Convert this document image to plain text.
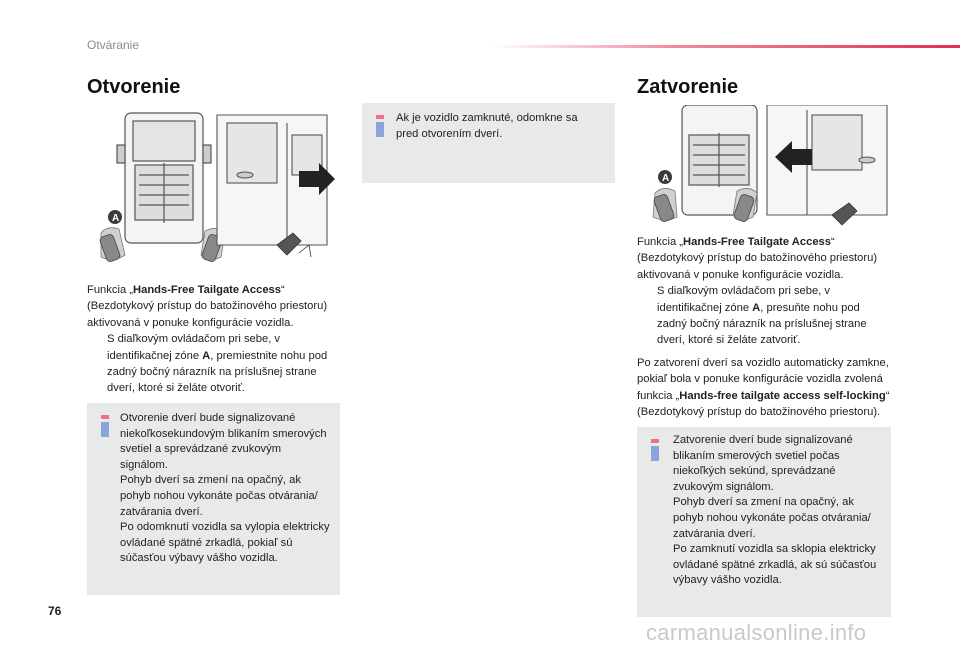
Otváranie
Otvorenie
A

Funkcia „Hands-Free Tailgate Access“ (Bezdotykový prístup do batožinového priestoru) aktivovaná v ponuke konfigurácie vozidla.

S diaľkovým ovládačom pri sebe, v identifikačnej zóne A, premiestnite nohu pod zadný bočný nárazník na príslušnej strane dverí, ktoré si želáte otvoriť.
Otvorenie dverí bude signalizované niekoľkosekundovým blikaním smerových svetiel a sprevádzané zvukovým signálom.
Pohyb dverí sa zmení na opačný, ak pohyb nohou vykonáte počas otvárania/ zatvárania dverí.
Po odomknutí vozidla sa vylopia elektricky ovládané spätné zrkadlá, pokiaľ sú súčasťou výbavy vášho vozidla.
Ak je vozidlo zamknuté, odomkne sa pred otvorením dverí.
Zatvorenie
A

Funkcia „Hands-Free Tailgate Access“ (Bezdotykový prístup do batožinového priestoru) aktivovaná v ponuke konfigurácie vozidla.

S diaľkovým ovládačom pri sebe, v identifikačnej zóne A, presuňte nohu pod zadný bočný nárazník na príslušnej strane dverí, ktoré si želáte zatvoriť.

Po zatvorení dverí sa vozidlo automaticky zamkne, pokiaľ bola v ponuke konfigurácie vozidla zvolená funkcia „Hands-free tailgate access self-locking“ (Bezdotykový prístup do batožinového priestoru).

Zatvorenie dverí bude signalizované blikaním smerových svetiel počas niekoľkých sekúnd, sprevádzané zvukovým signálom.
Pohyb dverí sa zmení na opačný, ak pohyb nohou vykonáte počas otvárania/ zatvárania dverí.
Po zamknutí vozidla sa sklopia elektricky ovládané spätné zrkadlá, ak sú súčasťou výbavy vášho vozidla.
76
carmanualsonline.info
